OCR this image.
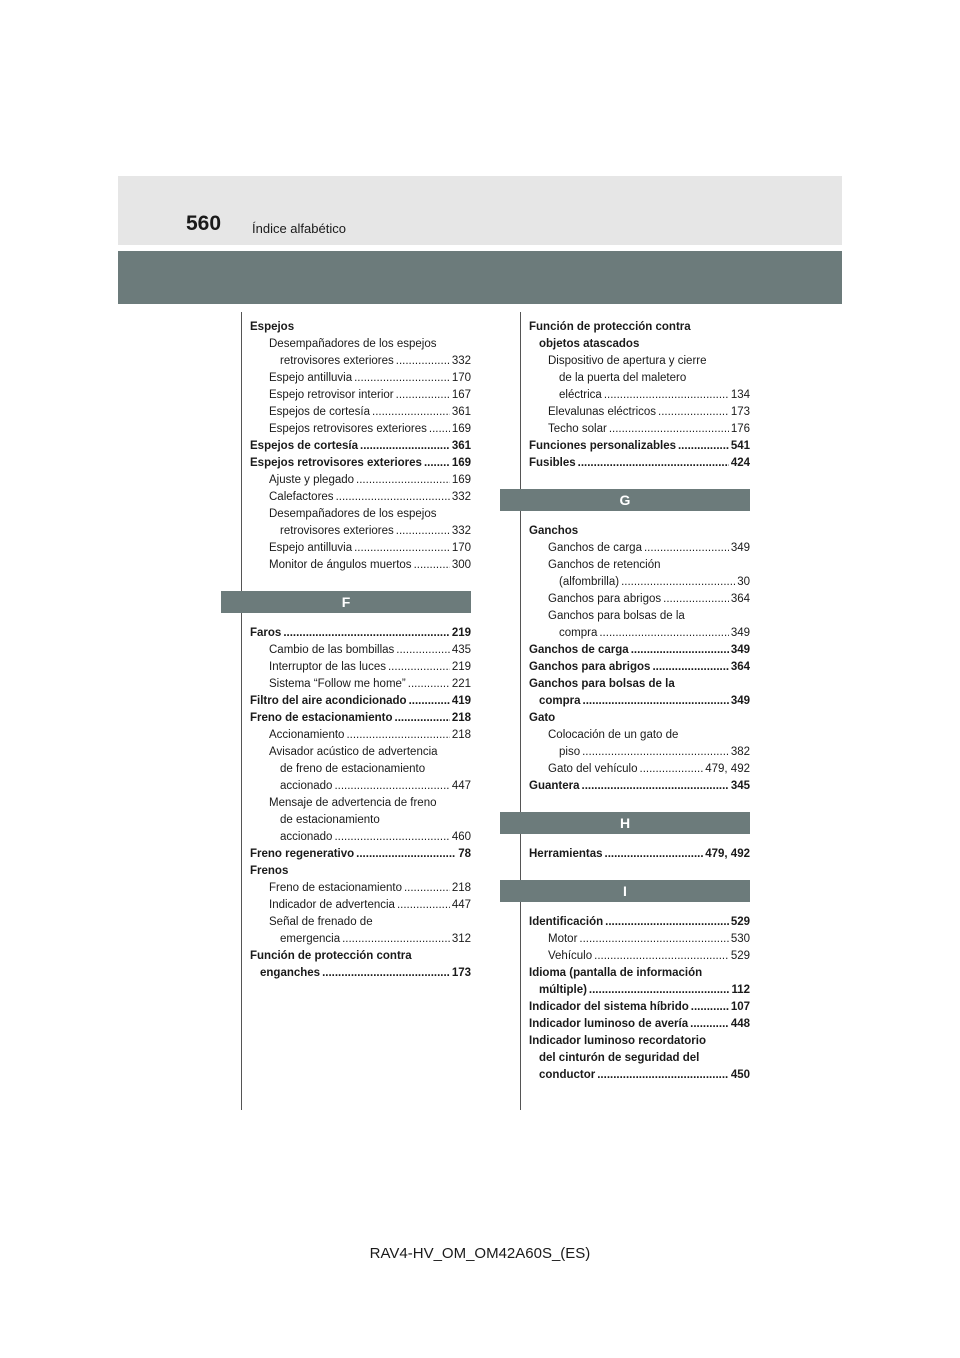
560 Índice alfabético
Espejos
Desempañadores de los espejos
retrovisores exteriores .....	332
Espejo antilluvia .....	170
Espejo retrovisor interior .....	167
Espejos de cortesía .....	361
Espejos retrovisores exteriores ..... 169
Espejos de cortesía .....	361
Espejos retrovisores exteriores .....	169
Ajuste y plegado .....	169
Calefactores .....	332
Desempañadores de los espejos
retrovisores exteriores .....	332
Espejo antilluvia .....	170
Monitor de ángulos muertos .....	300
F
Faros .....	219
Cambio de las bombillas .....	435
Interruptor de las luces .....	219
Sistema “Follow me home” .....	221
Filtro del aire acondicionado .....	419
Freno de estacionamiento .....	218
Accionamiento .....	218
Avisador acústico de advertencia
de freno de estacionamiento
accionado .....	447
Mensaje de advertencia de freno
de estacionamiento
accionado .....	460
Freno regenerativo .....	78
Frenos
Freno de estacionamiento .....	218
Indicador de advertencia .....	447
Señal de frenado de
emergencia .....	312
Función de protección contra
enganches .....	173
Función de protección contra
objetos atascados
Dispositivo de apertura y cierre
de la puerta del maletero
eléctrica .....	134
Elevalunas eléctricos .....	173
Techo solar .....	176
Funciones personalizables .....	541
Fusibles .....	424
G
Ganchos
Ganchos de carga .....	349
Ganchos de retención
(alfombrilla) .....	30
Ganchos para abrigos .....	364
Ganchos para bolsas de la
compra .....	349
Ganchos de carga .....	349
Ganchos para abrigos .....	364
Ganchos para bolsas de la
compra .....	349
Gato
Colocación de un gato de
piso .....	382
Gato del vehículo .....	479, 492
Guantera .....	345
H
Herramientas .....	479, 492
I
Identificación .....	529
Motor .....	530
Vehículo .....	529
Idioma (pantalla de información
múltiple) .....	112
Indicador del sistema híbrido .....	107
Indicador luminoso de avería .....	448
Indicador luminoso recordatorio
del cinturón de seguridad del
conductor .....	450
RAV4-HV_OM_OM42A60S_(ES)
